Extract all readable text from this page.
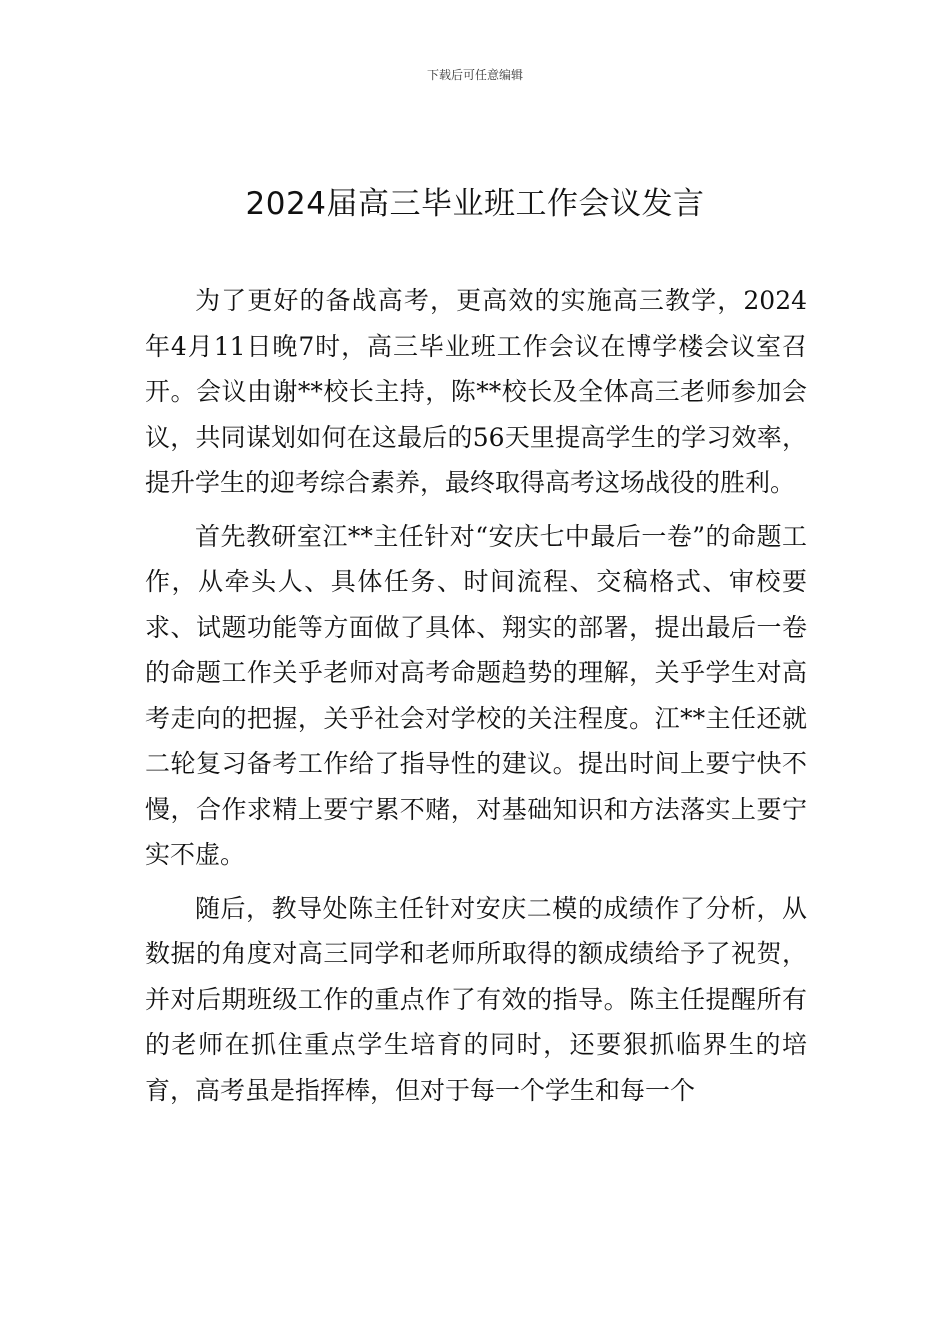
下载后可任意编辑
2024届高三毕业班工作会议发言

为了更好的备战高考，更高效的实施高三教学，2024年4月11日晚7时，高三毕业班工作会议在博学楼会议室召开。会议由谢**校长主持，陈**校长及全体高三老师参加会议，共同谋划如何在这最后的56天里提高学生的学习效率，提升学生的迎考综合素养，最终取得高考这场战役的胜利。

首先教研室江**主任针对“安庆七中最后一卷”的命题工作，从牵头人、具体任务、时间流程、交稿格式、审校要求、试题功能等方面做了具体、翔实的部署，提出最后一卷的命题工作关乎老师对高考命题趋势的理解，关乎学生对高考走向的把握，关乎社会对学校的关注程度。江**主任还就二轮复习备考工作给了指导性的建议。提出时间上要宁快不慢，合作求精上要宁累不赌，对基础知识和方法落实上要宁实不虚。

随后，教导处陈主任针对安庆二模的成绩作了分析，从数据的角度对高三同学和老师所取得的额成绩给予了祝贺，并对后期班级工作的重点作了有效的指导。陈主任提醒所有的老师在抓住重点学生培育的同时，还要狠抓临界生的培育，高考虽是指挥棒，但对于每一个学生和每一个
